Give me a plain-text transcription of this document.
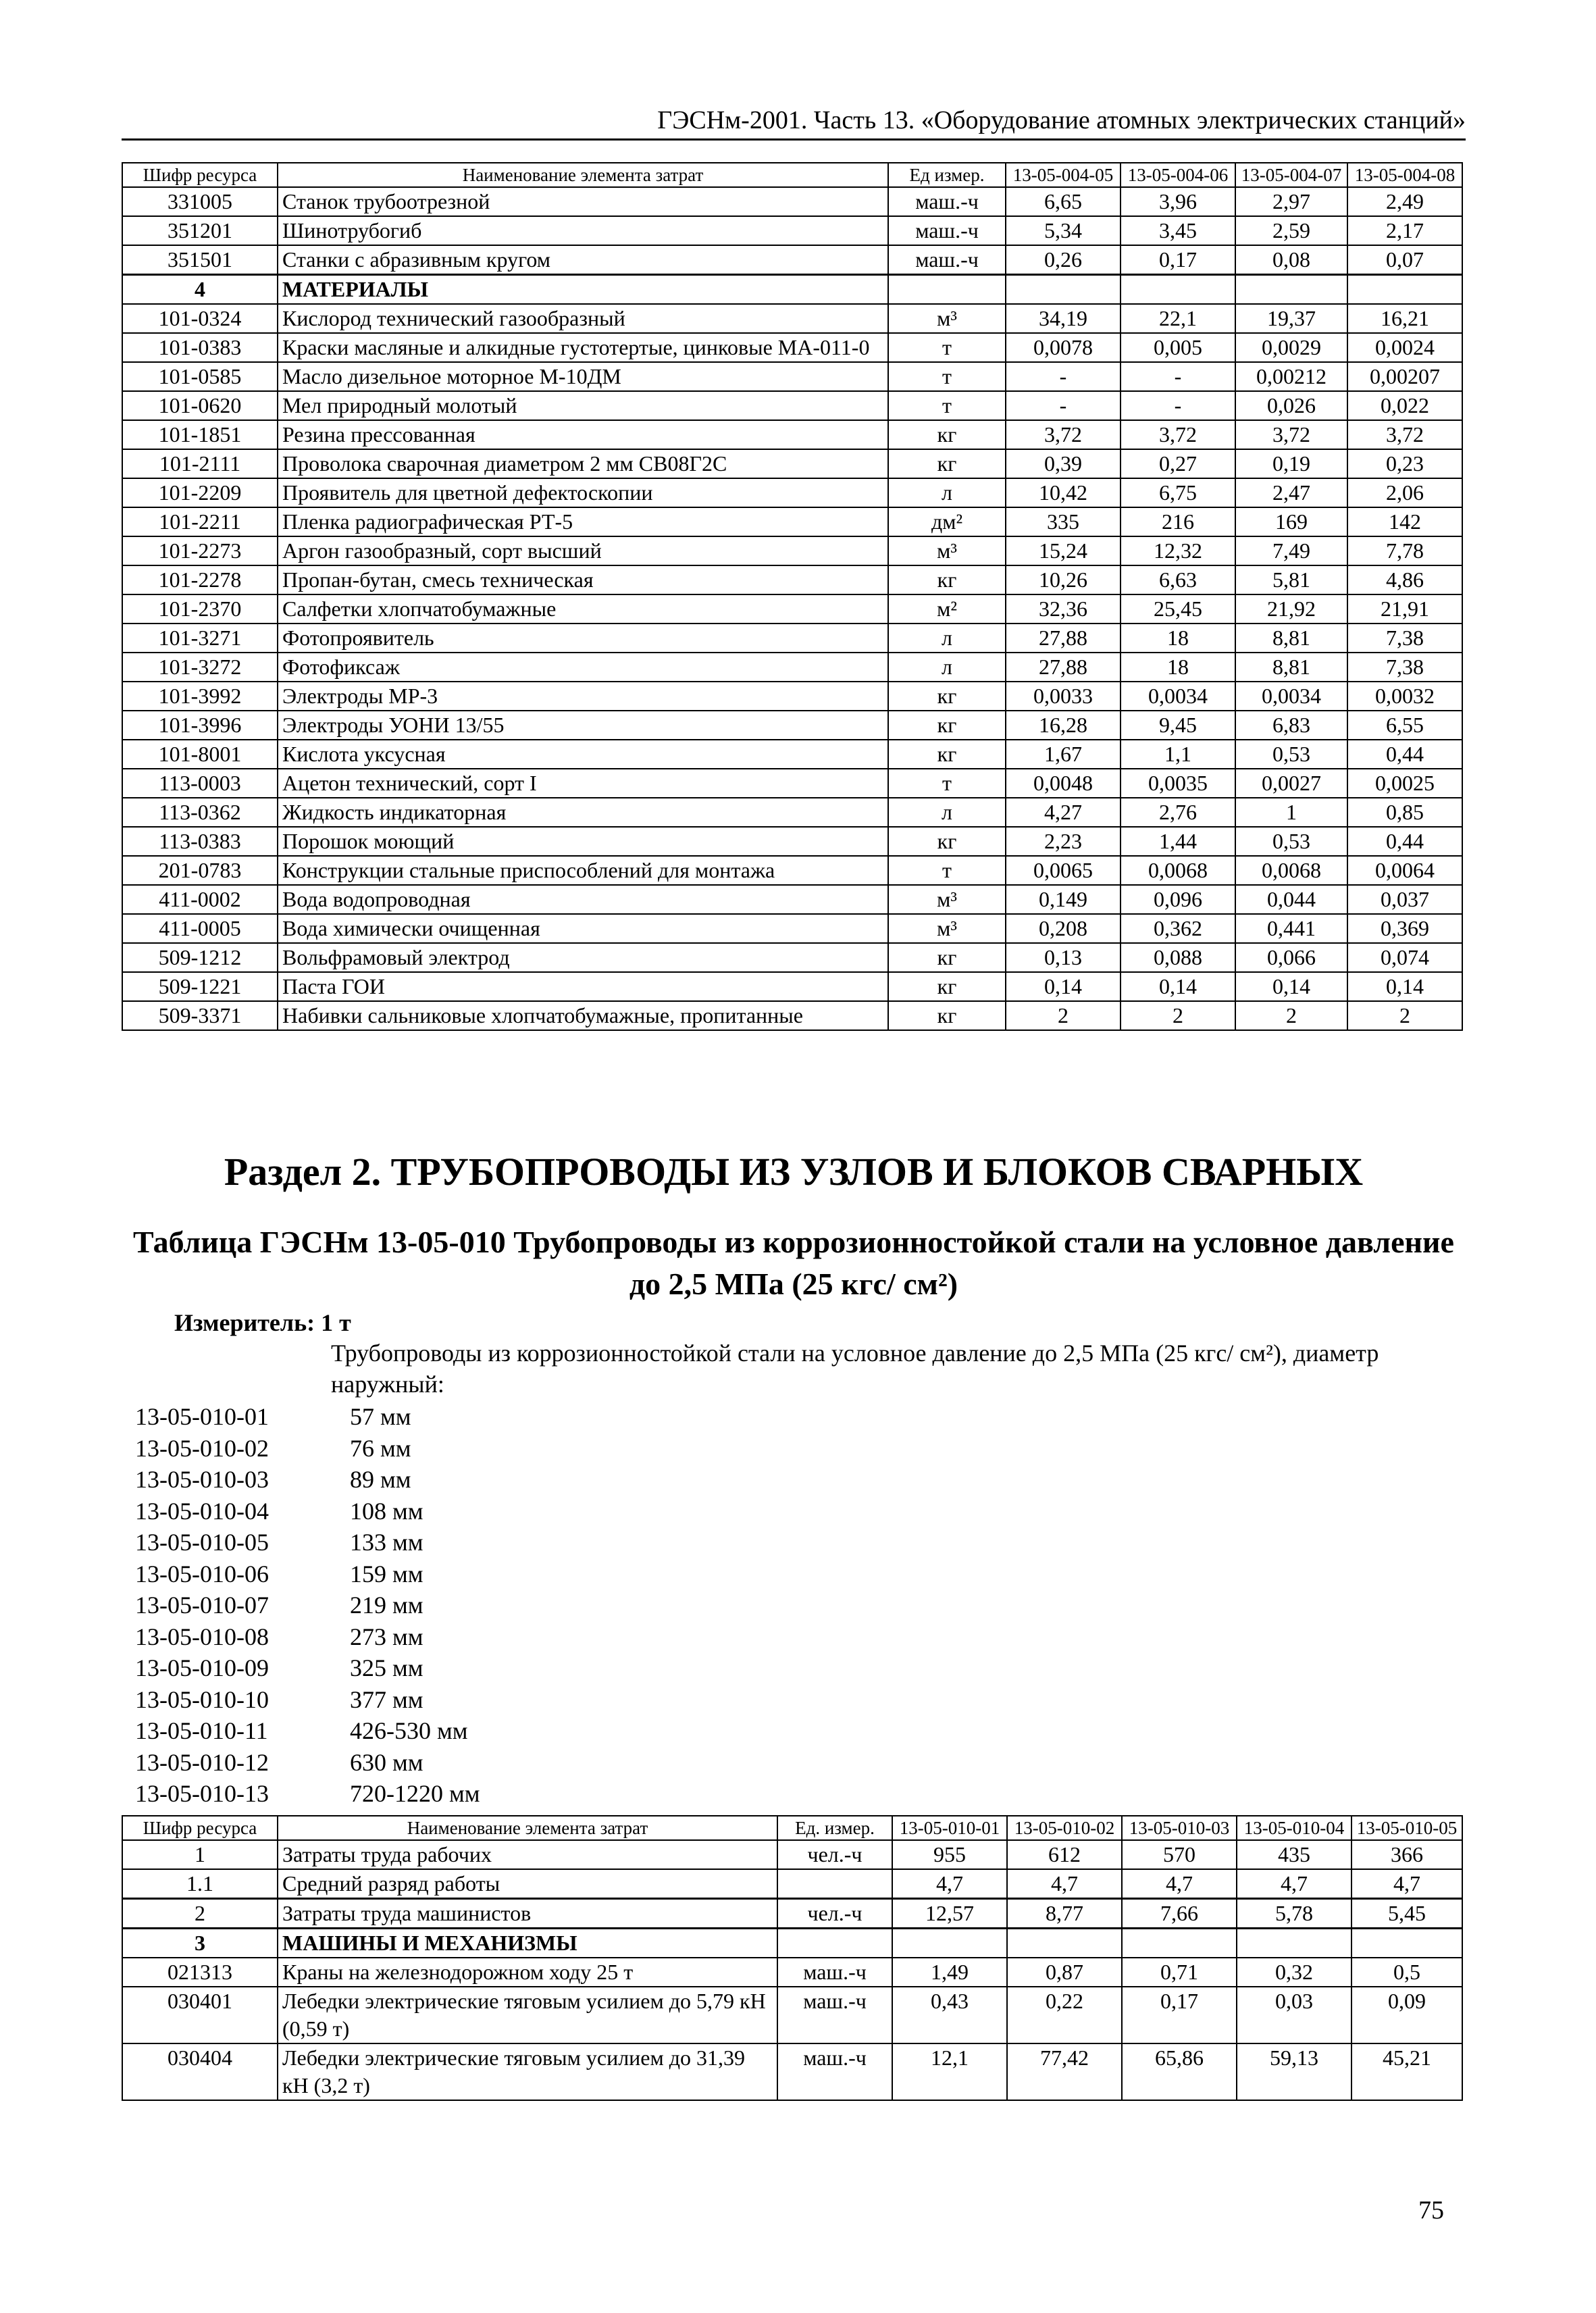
ГЭСНм-2001. Часть 13. «Оборудование атомных электрических станций»
Шифр ресурса	Наименование элемента затрат	Ед измер.	13-05-004-05	13-05-004-06	13-05-004-07	13-05-004-08
331005	Станок трубоотрезной	маш.-ч	6,65	3,96	2,97	2,49
351201	Шинотрубогиб	маш.-ч	5,34	3,45	2,59	2,17
351501	Станки с абразивным кругом	маш.-ч	0,26	0,17	0,08	0,07
4	МАТЕРИАЛЫ					
101-0324	Кислород технический газообразный	м³	34,19	22,1	19,37	16,21
101-0383	Краски масляные и алкидные густотертые, цинковые МА-011-0	т	0,0078	0,005	0,0029	0,0024
101-0585	Масло дизельное моторное М-10ДМ	т	-	-	0,00212	0,00207
101-0620	Мел природный молотый	т	-	-	0,026	0,022
101-1851	Резина прессованная	кг	3,72	3,72	3,72	3,72
101-2111	Проволока сварочная диаметром 2 мм СВ08Г2С	кг	0,39	0,27	0,19	0,23
101-2209	Проявитель для цветной дефектоскопии	л	10,42	6,75	2,47	2,06
101-2211	Пленка радиографическая РТ-5	дм²	335	216	169	142
101-2273	Аргон газообразный, сорт высший	м³	15,24	12,32	7,49	7,78
101-2278	Пропан-бутан, смесь техническая	кг	10,26	6,63	5,81	4,86
101-2370	Салфетки хлопчатобумажные	м²	32,36	25,45	21,92	21,91
101-3271	Фотопроявитель	л	27,88	18	8,81	7,38
101-3272	Фотофиксаж	л	27,88	18	8,81	7,38
101-3992	Электроды МР-3	кг	0,0033	0,0034	0,0034	0,0032
101-3996	Электроды УОНИ 13/55	кг	16,28	9,45	6,83	6,55
101-8001	Кислота уксусная	кг	1,67	1,1	0,53	0,44
113-0003	Ацетон технический, сорт I	т	0,0048	0,0035	0,0027	0,0025
113-0362	Жидкость индикаторная	л	4,27	2,76	1	0,85
113-0383	Порошок моющий	кг	2,23	1,44	0,53	0,44
201-0783	Конструкции стальные приспособлений для монтажа	т	0,0065	0,0068	0,0068	0,0064
411-0002	Вода водопроводная	м³	0,149	0,096	0,044	0,037
411-0005	Вода химически очищенная	м³	0,208	0,362	0,441	0,369
509-1212	Вольфрамовый электрод	кг	0,13	0,088	0,066	0,074
509-1221	Паста ГОИ	кг	0,14	0,14	0,14	0,14
509-3371	Набивки сальниковые хлопчатобумажные, пропитанные	кг	2	2	2	2
Раздел 2. ТРУБОПРОВОДЫ ИЗ УЗЛОВ И БЛОКОВ СВАРНЫХ
Таблица ГЭСНм 13-05-010 Трубопроводы из коррозионностойкой стали на условное давление до 2,5 МПа (25 кгс/ см²)
Измеритель: 1 т
Трубопроводы из коррозионностойкой стали на условное давление до 2,5 МПа (25 кгс/ см²), диаметр наружный:
13-05-010-01	57 мм
13-05-010-02	76 мм
13-05-010-03	89 мм
13-05-010-04	108 мм
13-05-010-05	133 мм
13-05-010-06	159 мм
13-05-010-07	219 мм
13-05-010-08	273 мм
13-05-010-09	325 мм
13-05-010-10	377 мм
13-05-010-11	426-530 мм
13-05-010-12	630 мм
13-05-010-13	720-1220 мм
Шифр ресурса	Наименование элемента затрат	Ед. измер.	13-05-010-01	13-05-010-02	13-05-010-03	13-05-010-04	13-05-010-05
1	Затраты труда рабочих	чел.-ч	955	612	570	435	366
1.1	Средний разряд работы		4,7	4,7	4,7	4,7	4,7
2	Затраты труда машинистов	чел.-ч	12,57	8,77	7,66	5,78	5,45
3	МАШИНЫ И МЕХАНИЗМЫ						
021313	Краны на железнодорожном ходу 25 т	маш.-ч	1,49	0,87	0,71	0,32	0,5
030401	Лебедки электрические тяговым усилием до 5,79 кН (0,59 т)	маш.-ч	0,43	0,22	0,17	0,03	0,09
030404	Лебедки электрические тяговым усилием до 31,39 кН (3,2 т)	маш.-ч	12,1	77,42	65,86	59,13	45,21
75
